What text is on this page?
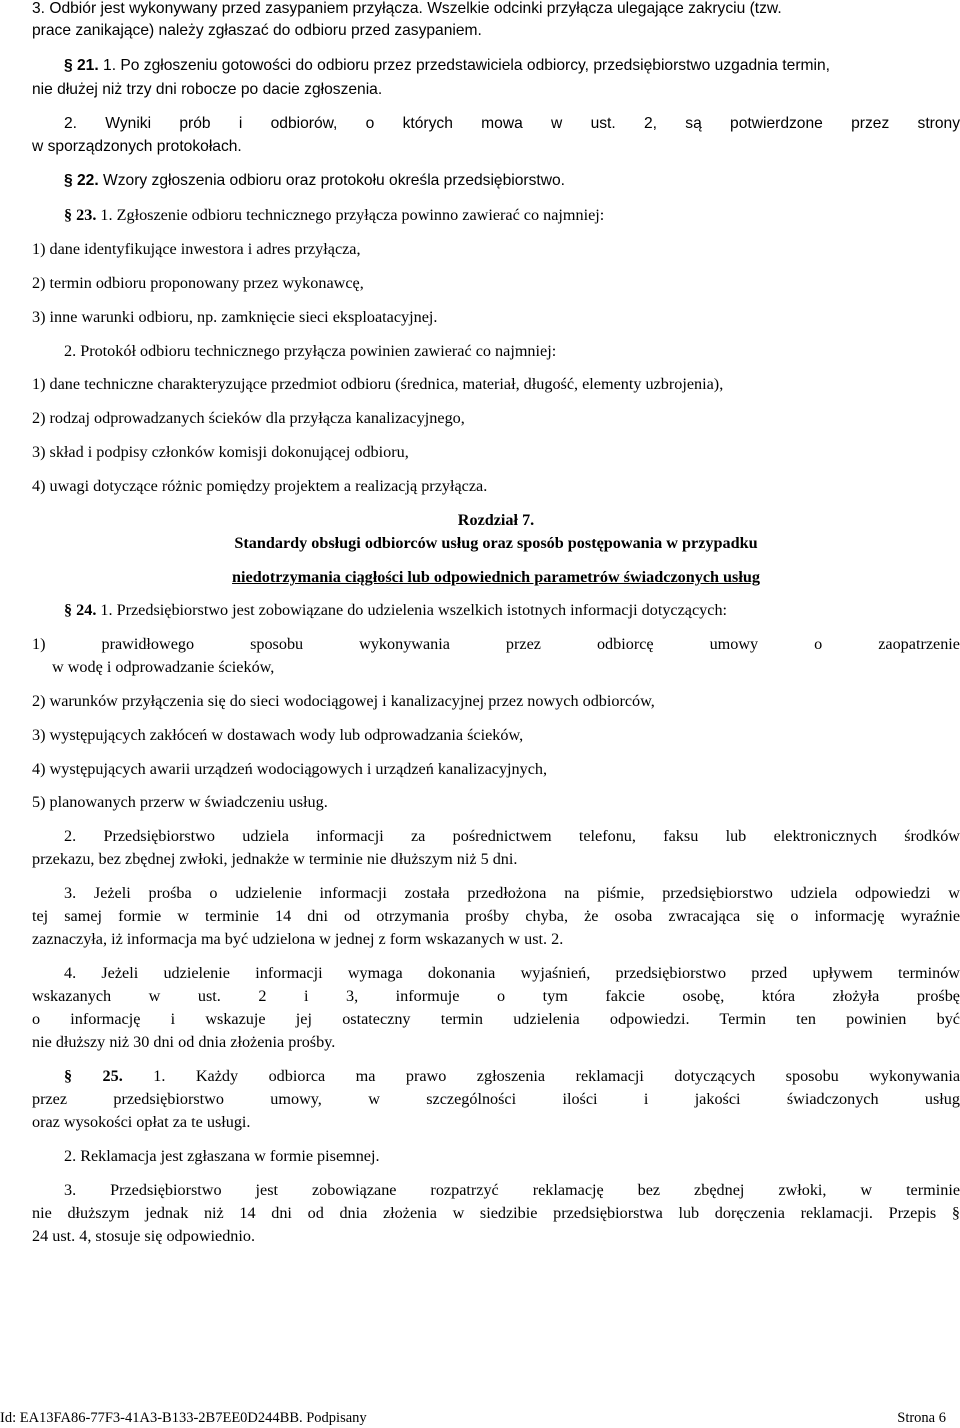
3. Odbiór jest wykonywany przed zasypaniem przyłącza. Wszelkie odcinki przyłącza ulegające zakryciu (tzw.
prace zanikające) należy zgłaszać do odbioru przed zasypaniem.
§ 21. 1. Po zgłoszeniu gotowości do odbioru przez przedstawiciela odbiorcy, przedsiębiorstwo uzgadnia termin,
nie dłużej niż trzy dni robocze po dacie zgłoszenia.
2. Wyniki prób i odbiorów, o których mowa w ust. 2, są potwierdzone przez strony
w sporządzonych protokołach.
§ 22. Wzory zgłoszenia odbioru oraz protokołu określa przedsiębiorstwo.
§ 23. 1. Zgłoszenie odbioru technicznego przyłącza powinno zawierać co najmniej:
1) dane identyfikujące inwestora i adres przyłącza,
2) termin odbioru proponowany przez wykonawcę,
3) inne warunki odbioru, np. zamknięcie sieci eksploatacyjnej.
2. Protokół odbioru technicznego przyłącza powinien zawierać co najmniej:
1) dane techniczne charakteryzujące przedmiot odbioru (średnica, materiał, długość, elementy uzbrojenia),
2) rodzaj odprowadzanych ścieków dla przyłącza kanalizacyjnego,
3) skład i podpisy członków komisji dokonującej odbioru,
4) uwagi dotyczące różnic pomiędzy projektem a realizacją przyłącza.
Rozdział 7.
Standardy obsługi odbiorców usług oraz sposób postępowania w przypadku
niedotrzymania ciągłości lub odpowiednich parametrów świadczonych usług
§ 24. 1. Przedsiębiorstwo jest zobowiązane do udzielenia wszelkich istotnych informacji dotyczących:
1) prawidłowego sposobu wykonywania przez odbiorcę umowy o zaopatrzenie
w wodę i odprowadzanie ścieków,
2) warunków przyłączenia się do sieci wodociągowej i kanalizacyjnej przez nowych odbiorców,
3) występujących zakłóceń w dostawach wody lub odprowadzania ścieków,
4) występujących awarii urządzeń wodociągowych i urządzeń kanalizacyjnych,
5) planowanych przerw w świadczeniu usług.
2. Przedsiębiorstwo udziela informacji za pośrednictwem telefonu, faksu lub elektronicznych środków
przekazu, bez zbędnej zwłoki, jednakże w terminie nie dłuższym niż 5 dni.
3. Jeżeli prośba o udzielenie informacji została przedłożona na piśmie, przedsiębiorstwo udziela odpowiedzi w
tej samej formie w terminie 14 dni od otrzymania prośby chyba, że osoba zwracająca się o informację wyraźnie
zaznaczyła, iż informacja ma być udzielona w jednej z form wskazanych w ust. 2.
4. Jeżeli udzielenie informacji wymaga dokonania wyjaśnień, przedsiębiorstwo przed upływem terminów
wskazanych w ust. 2 i 3, informuje o tym fakcie osobę, która złożyła prośbę
o informację i wskazuje jej ostateczny termin udzielenia odpowiedzi. Termin ten powinien być
nie dłuższy niż 30 dni od dnia złożenia prośby.
§ 25. 1. Każdy odbiorca ma prawo zgłoszenia reklamacji dotyczących sposobu wykonywania
przez przedsiębiorstwo umowy, w szczególności ilości i jakości świadczonych usług
oraz wysokości opłat za te usługi.
2. Reklamacja jest zgłaszana w formie pisemnej.
3. Przedsiębiorstwo jest zobowiązane rozpatrzyć reklamację bez zbędnej zwłoki, w terminie
nie dłuższym jednak niż 14 dni od dnia złożenia w siedzibie przedsiębiorstwa lub doręczenia reklamacji. Przepis §
24 ust. 4, stosuje się odpowiednio.
Id: EA13FA86-77F3-41A3-B133-2B7EE0D244BB. Podpisany	Strona 6
